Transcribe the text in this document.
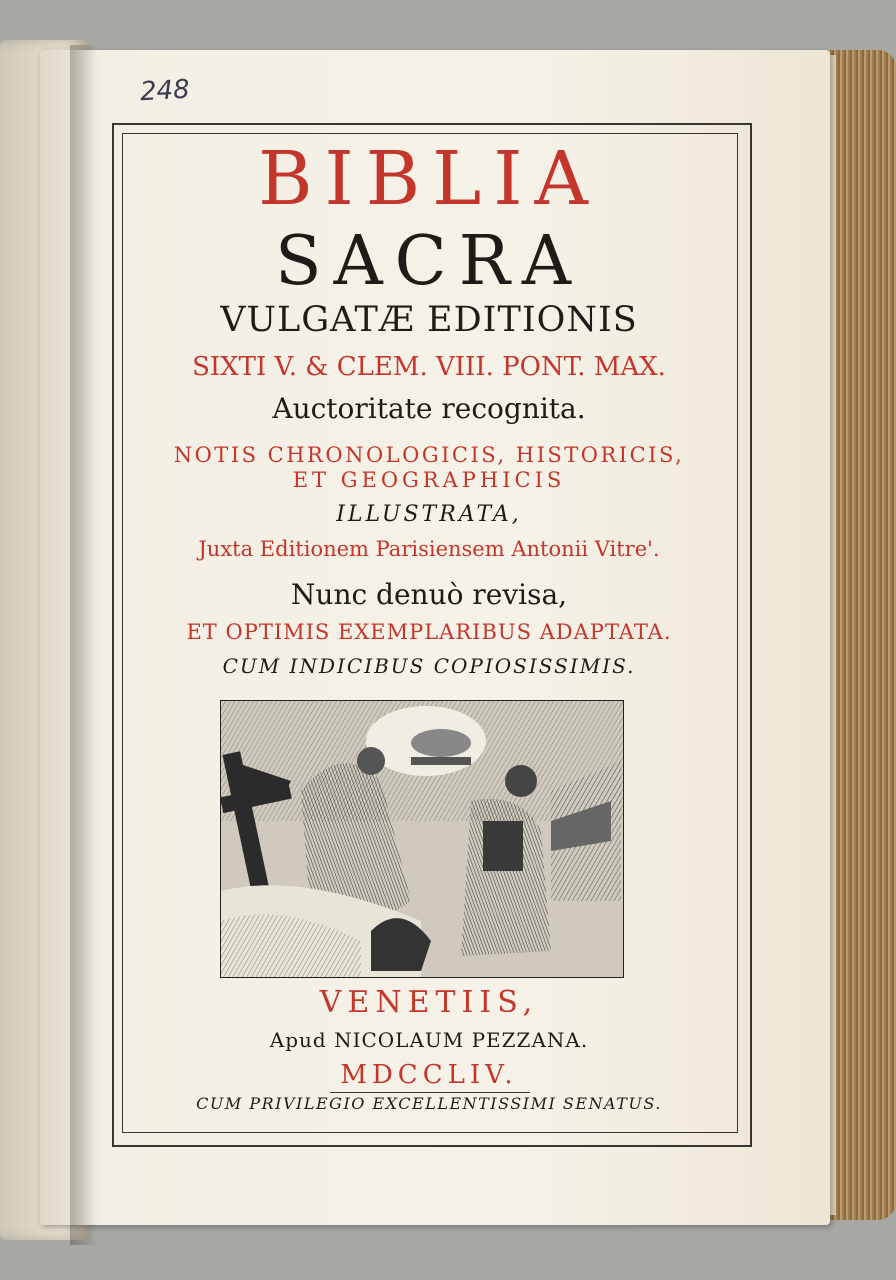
248
BIBLIA
SACRA
VULGATÆ EDITIONIS
SIXTI V. & CLEM. VIII. PONT. MAX.
Auctoritate recognita.
NOTIS CHRONOLOGICIS, HISTORICIS,
ET GEOGRAPHICIS
ILLUSTRATA,
Juxta Editionem Parisiensem Antonii Vitre'.
Nunc denuò revisa,
ET OPTIMIS EXEMPLARIBUS ADAPTATA.
CUM INDICIBUS COPIOSISSIMIS.
VENETIIS,
Apud NICOLAUM PEZZANA.
MDCCLIV.
CUM PRIVILEGIO EXCELLENTISSIMI SENATUS.
